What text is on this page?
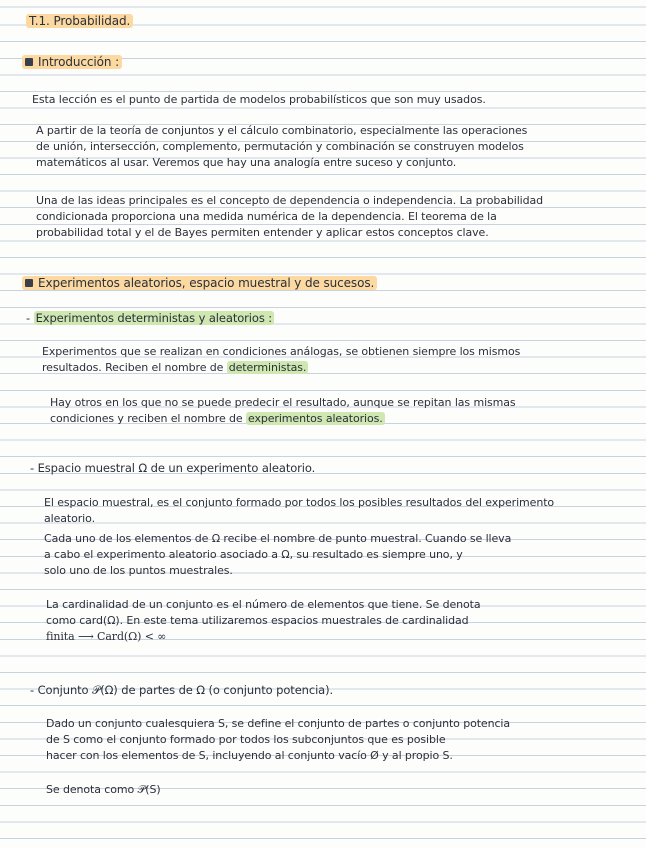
T.1. Probabilidad.

Introducción :

Esta lección es el punto de partida de modelos probabilísticos que son muy usados.

A partir de la teoría de conjuntos y el cálculo combinatorio, especialmente las operaciones

de unión, intersección, complemento, permutación y combinación se construyen modelos

matemáticos al usar. Veremos que hay una analogía entre suceso y conjunto.

Una de las ideas principales es el concepto de dependencia o independencia. La probabilidad

condicionada proporciona una medida numérica de la dependencia. El teorema de la

probabilidad total y el de Bayes permiten entender y aplicar estos conceptos clave.

Experimentos aleatorios, espacio muestral y de sucesos.

- Experimentos deterministas y aleatorios :

Experimentos que se realizan en condiciones análogas, se obtienen siempre los mismos

resultados. Reciben el nombre de deterministas.

Hay otros en los que no se puede predecir el resultado, aunque se repitan las mismas

condiciones y reciben el nombre de experimentos aleatorios.

- Espacio muestral Ω de un experimento aleatorio.

El espacio muestral, es el conjunto formado por todos los posibles resultados del experimento

aleatorio.

Cada uno de los elementos de Ω recibe el nombre de punto muestral. Cuando se lleva

a cabo el experimento aleatorio asociado a Ω, su resultado es siempre uno, y

solo uno de los puntos muestrales.

La cardinalidad de un conjunto es el número de elementos que tiene. Se denota

como card(Ω). En este tema utilizaremos espacios muestrales de cardinalidad

finita ⟶ Card(Ω) < ∞

- Conjunto 𝒫(Ω) de partes de Ω (o conjunto potencia).

Dado un conjunto cualesquiera S, se define el conjunto de partes o conjunto potencia

de S como el conjunto formado por todos los subconjuntos que es posible

hacer con los elementos de S, incluyendo al conjunto vacío Ø y al propio S.

Se denota como 𝒫(S)
